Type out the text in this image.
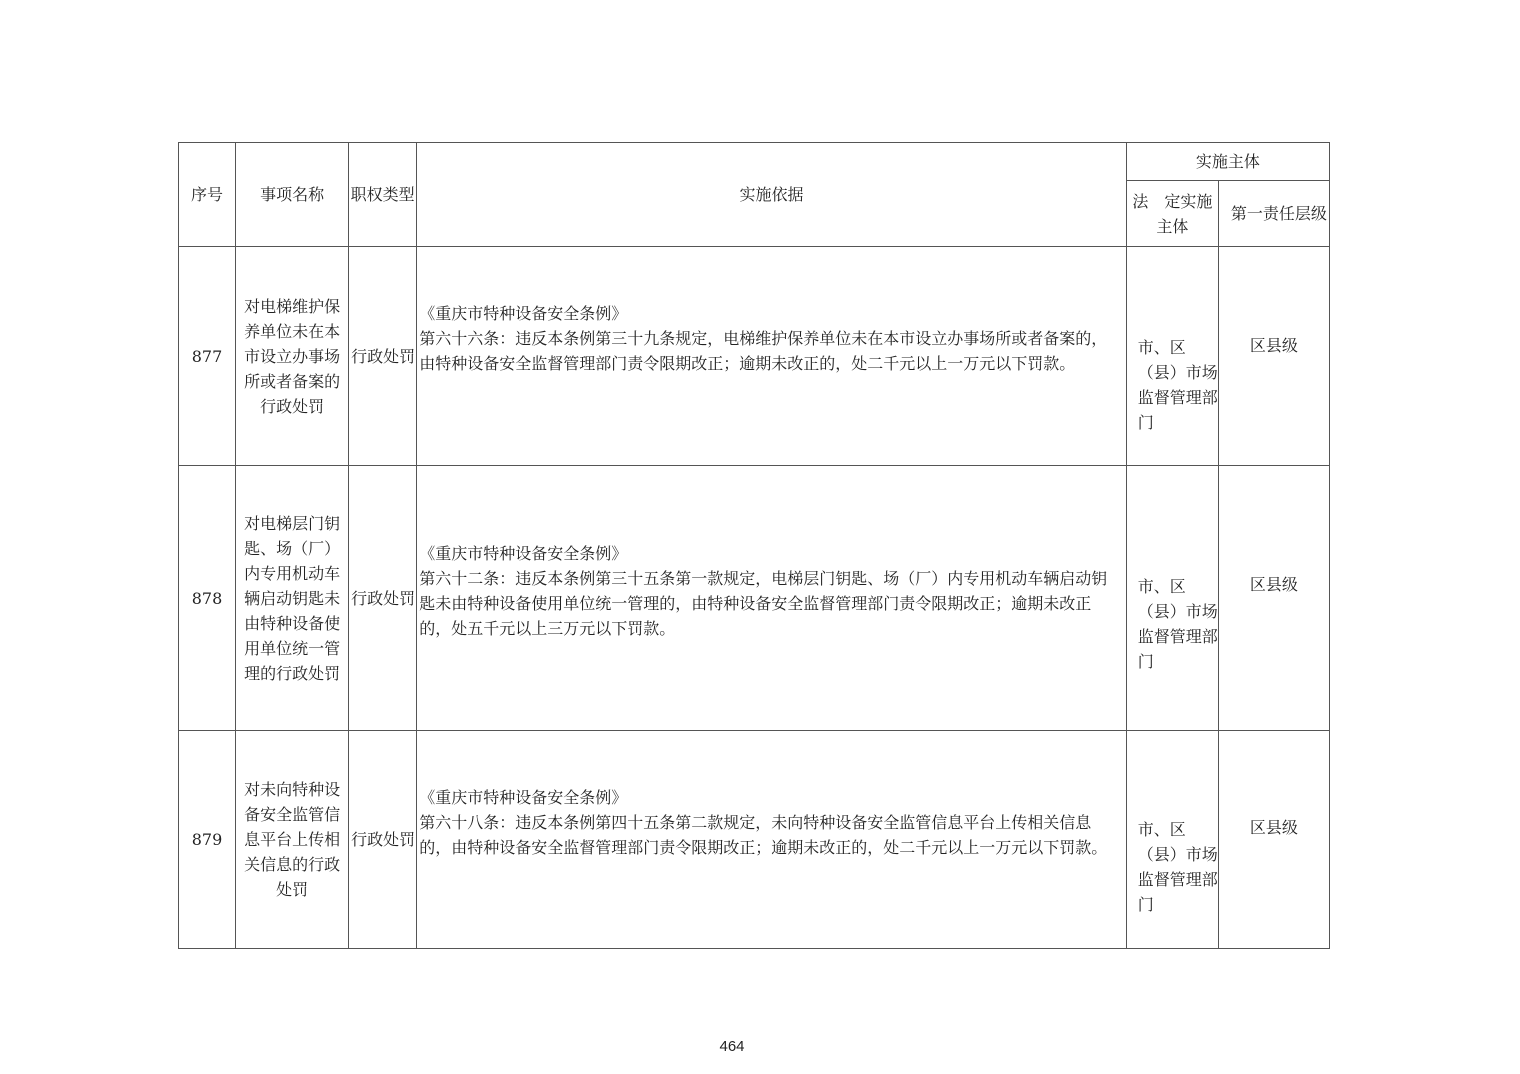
序号	事项名称	职权类型	实施依据	实施主体	
				法　定实施主体	第一责任层级
877	对电梯维护保养单位未在本市设立办事场所或者备案的行政处罚	行政处罚	《重庆市特种设备安全条例》
第六十六条：违反本条例第三十九条规定，电梯维护保养单位未在本市设立办事场所或者备案的，由特种设备安全监督管理部门责令限期改正；逾期未改正的，处二千元以上一万元以下罚款。	市、区（县）市场监督管理部门	区县级
878	对电梯层门钥匙、场（厂）内专用机动车辆启动钥匙未由特种设备使用单位统一管理的行政处罚	行政处罚	《重庆市特种设备安全条例》
第六十二条：违反本条例第三十五条第一款规定，电梯层门钥匙、场（厂）内专用机动车辆启动钥匙未由特种设备使用单位统一管理的，由特种设备安全监督管理部门责令限期改正；逾期未改正的，处五千元以上三万元以下罚款。	市、区（县）市场监督管理部门	区县级
879	对未向特种设备安全监管信息平台上传相关信息的行政处罚	行政处罚	《重庆市特种设备安全条例》
第六十八条：违反本条例第四十五条第二款规定，未向特种设备安全监管信息平台上传相关信息的，由特种设备安全监督管理部门责令限期改正；逾期未改正的，处二千元以上一万元以下罚款。	市、区（县）市场监督管理部门	区县级
464
